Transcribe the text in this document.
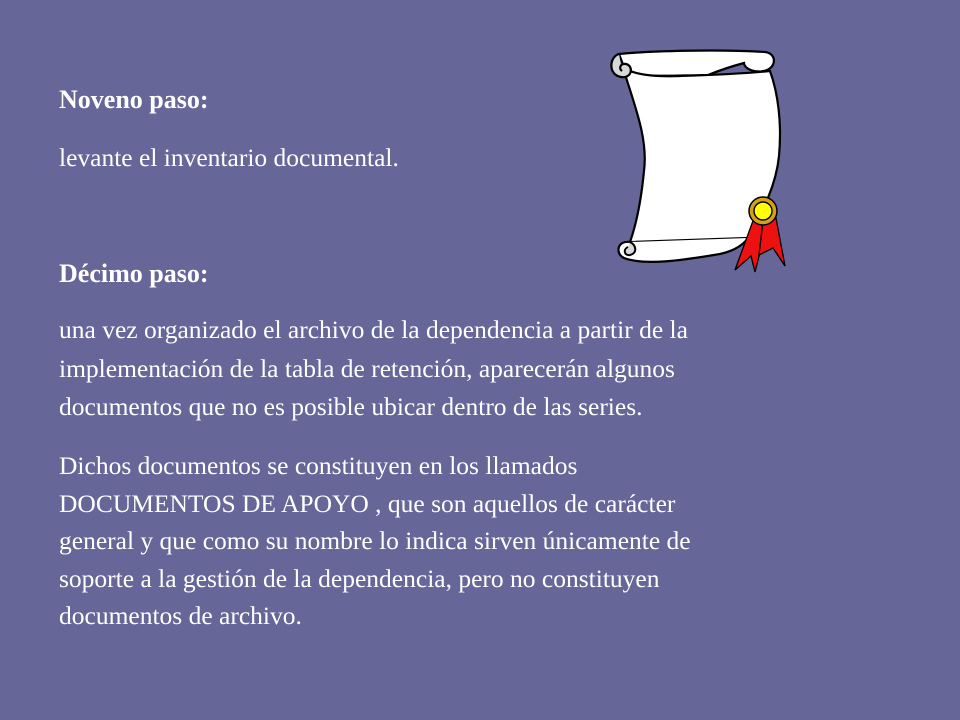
Noveno paso:
levante el inventario documental.
Décimo paso:
una vez organizado el archivo de la dependencia a partir de la
implementación de la tabla de retención, aparecerán algunos
documentos que no es posible ubicar dentro de las series.
Dichos documentos se constituyen en los llamados
DOCUMENTOS DE APOYO , que son aquellos de carácter
general y que como su nombre lo indica sirven únicamente de
soporte a la gestión de la dependencia, pero no constituyen
documentos de archivo.
